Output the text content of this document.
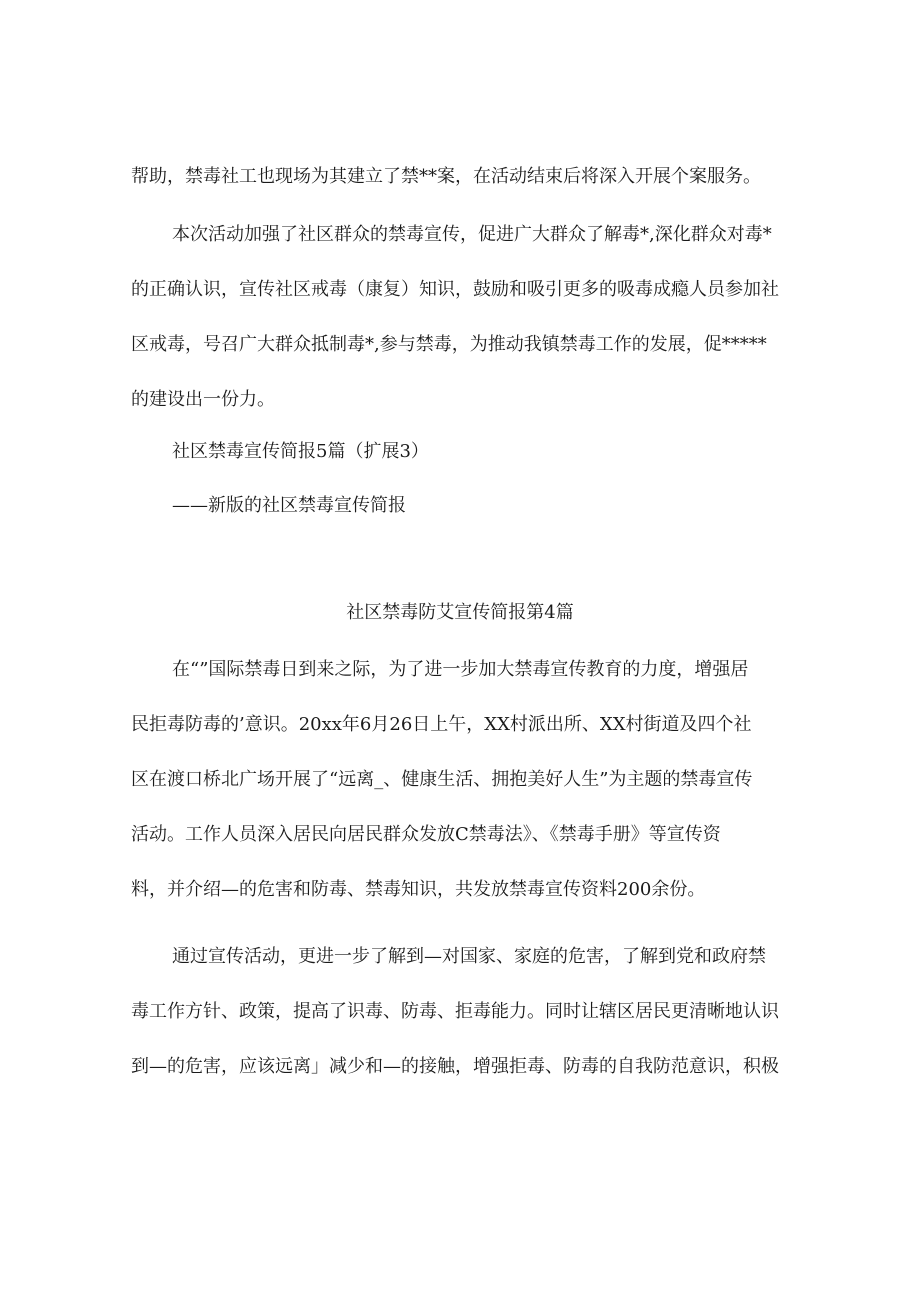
帮助，禁毒社工也现场为其建立了禁**案，在活动结束后将深入开展个案服务。

本次活动加强了社区群众的禁毒宣传，促进广大群众了解毒*,深化群众对毒*

的正确认识，宣传社区戒毒（康复）知识，鼓励和吸引更多的吸毒成瘾人员参加社

区戒毒，号召广大群众抵制毒*,参与禁毒，为推动我镇禁毒工作的发展，促*****

的建设出一份力。

社区禁毒宣传简报5篇（扩展3）

——新版的社区禁毒宣传简报

社区禁毒防艾宣传简报第4篇

在“”国际禁毒日到来之际，为了进一步加大禁毒宣传教育的力度，增强居

民拒毒防毒的’意识。20xx年6月26日上午，XX村派出所、XX村街道及四个社

区在渡口桥北广场开展了“远离_、健康生活、拥抱美好人生”为主题的禁毒宣传

活动。工作人员深入居民向居民群众发放C禁毒法》、《禁毒手册》等宣传资

料，并介绍—的危害和防毒、禁毒知识，共发放禁毒宣传资料200余份。

通过宣传活动，更进一步了解到—对国家、家庭的危害，了解到党和政府禁

毒工作方针、政策，提高了识毒、防毒、拒毒能力。同时让辖区居民更清晰地认识

到—的危害，应该远离」减少和—的接触，增强拒毒、防毒的自我防范意识，积极
